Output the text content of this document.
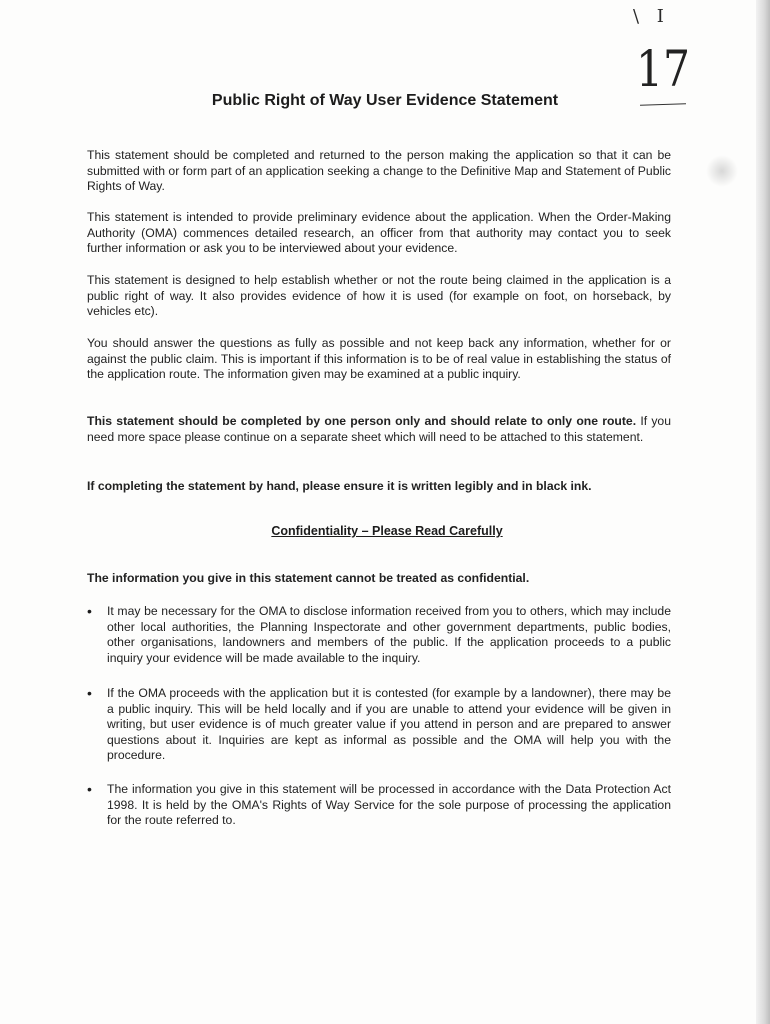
\ I
17
Public Right of Way User Evidence Statement

This statement should be completed and returned to the person making the application so that it can be submitted with or form part of an application seeking a change to the Definitive Map and Statement of Public Rights of Way.

This statement is intended to provide preliminary evidence about the application. When the Order-Making Authority (OMA) commences detailed research, an officer from that authority may contact you to seek further information or ask you to be interviewed about your evidence.

This statement is designed to help establish whether or not the route being claimed in the application is a public right of way. It also provides evidence of how it is used (for example on foot, on horseback, by vehicles etc).

You should answer the questions as fully as possible and not keep back any information, whether for or against the public claim. This is important if this information is to be of real value in establishing the status of the application route. The information given may be examined at a public inquiry.

This statement should be completed by one person only and should relate to only one route. If you need more space please continue on a separate sheet which will need to be attached to this statement.

If completing the statement by hand, please ensure it is written legibly and in black ink.

Confidentiality – Please Read Carefully

The information you give in this statement cannot be treated as confidential.

• It may be necessary for the OMA to disclose information received from you to others, which may include other local authorities, the Planning Inspectorate and other government departments, public bodies, other organisations, landowners and members of the public. If the application proceeds to a public inquiry your evidence will be made available to the inquiry.

• If the OMA proceeds with the application but it is contested (for example by a landowner), there may be a public inquiry. This will be held locally and if you are unable to attend your evidence will be given in writing, but user evidence is of much greater value if you attend in person and are prepared to answer questions about it. Inquiries are kept as informal as possible and the OMA will help you with the procedure.

• The information you give in this statement will be processed in accordance with the Data Protection Act 1998. It is held by the OMA's Rights of Way Service for the sole purpose of processing the application for the route referred to.
